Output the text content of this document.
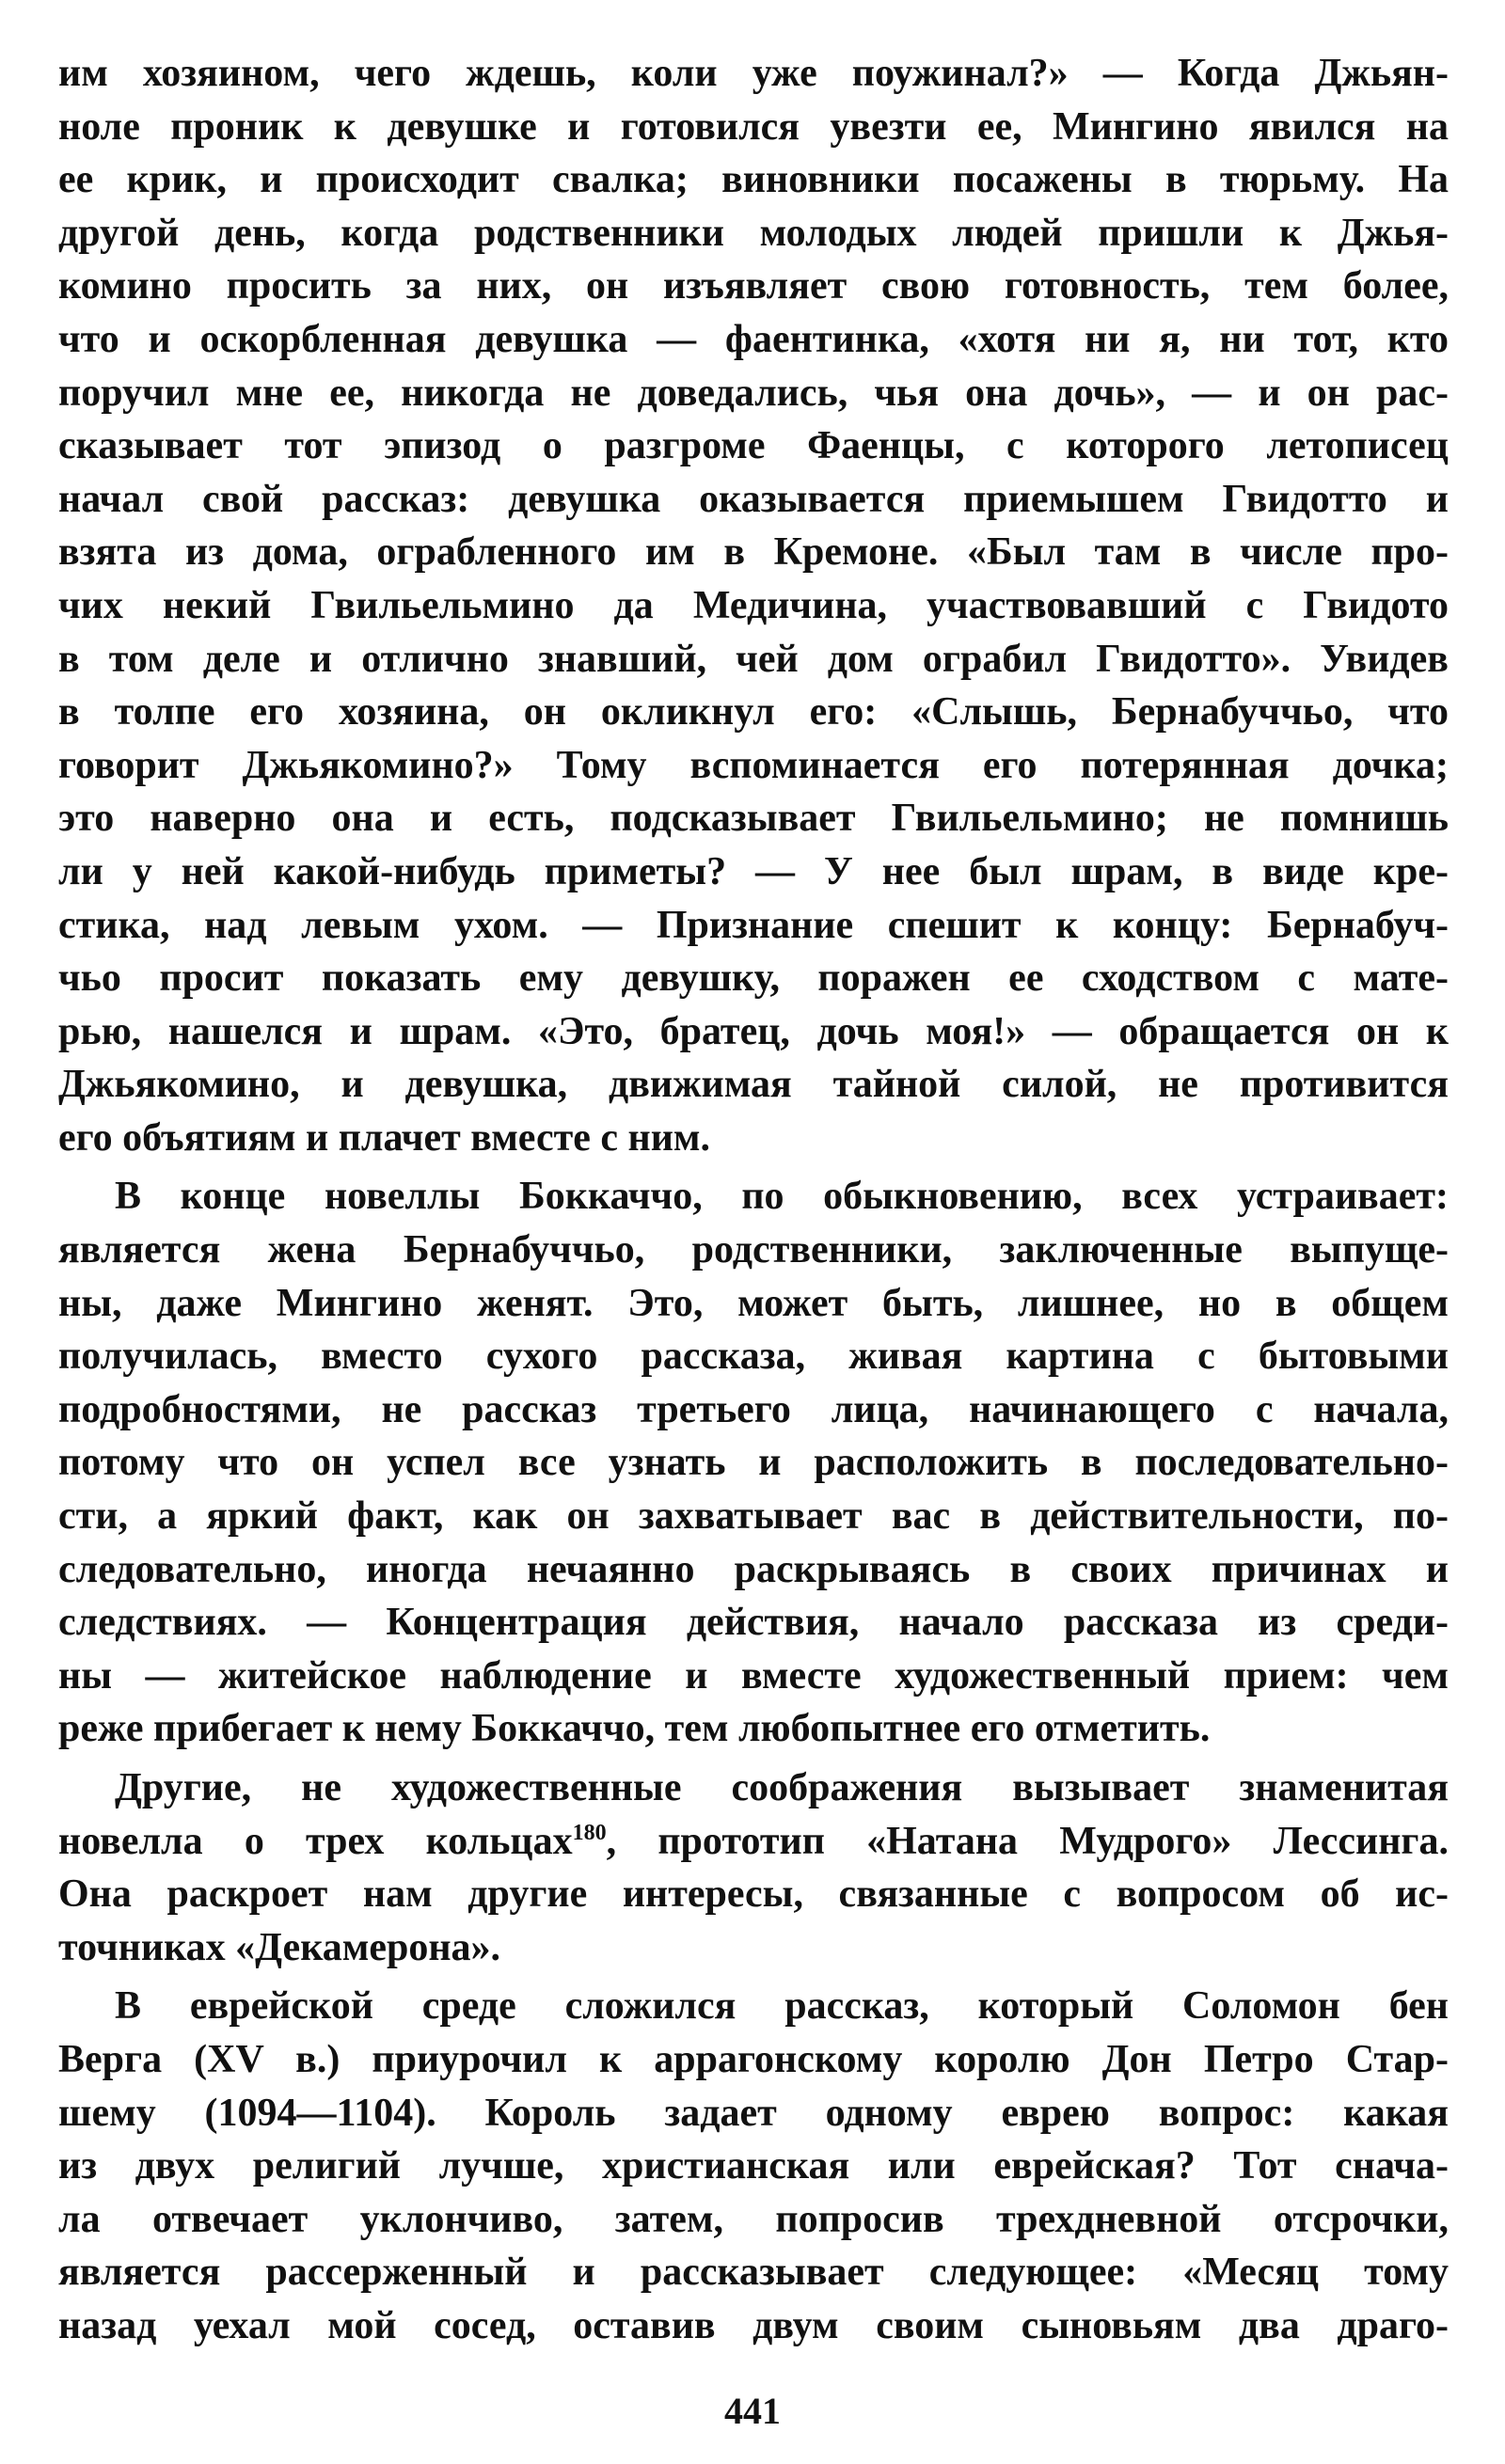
им хозяином, чего ждешь, коли уже поужинал?» — Когда Джьян-
ноле проник к девушке и готовился увезти ее, Мингино явился на
ее крик, и происходит свалка; виновники посажены в тюрьму. На
другой день, когда родственники молодых людей пришли к Джья-
комино просить за них, он изъявляет свою готовность, тем более,
что и оскорбленная девушка — фаентинка, «хотя ни я, ни тот, кто
поручил мне ее, никогда не доведались, чья она дочь», — и он рас-
сказывает тот эпизод о разгроме Фаенцы, с которого летописец
начал свой рассказ: девушка оказывается приемышем Гвидотто и
взята из дома, ограбленного им в Кремоне. «Был там в числе про-
чих некий Гвильельмино да Медичина, участвовавший с Гвидото
в том деле и отлично знавший, чей дом ограбил Гвидотто». Увидев
в толпе его хозяина, он окликнул его: «Слышь, Бернабуччьо, что
говорит Джьякомино?» Тому вспоминается его потерянная дочка;
это наверно она и есть, подсказывает Гвильельмино; не помнишь
ли у ней какой-нибудь приметы? — У нее был шрам, в виде кре-
стика, над левым ухом. — Признание спешит к концу: Бернабуч-
чьо просит показать ему девушку, поражен ее сходством с мате-
рью, нашелся и шрам. «Это, братец, дочь моя!» — обращается он к
Джьякомино, и девушка, движимая тайной силой, не противится
его объятиям и плачет вместе с ним.

В конце новеллы Боккаччо, по обыкновению, всех устраивает:
является жена Бернабуччьо, родственники, заключенные выпуще-
ны, даже Мингино женят. Это, может быть, лишнее, но в общем
получилась, вместо сухого рассказа, живая картина с бытовыми
подробностями, не рассказ третьего лица, начинающего с начала,
потому что он успел все узнать и расположить в последовательно-
сти, а яркий факт, как он захватывает вас в действительности, по-
следовательно, иногда нечаянно раскрываясь в своих причинах и
следствиях. — Концентрация действия, начало рассказа из среди-
ны — житейское наблюдение и вместе художественный прием: чем
реже прибегает к нему Боккаччо, тем любопытнее его отметить.

Другие, не художественные соображения вызывает знаменитая
новелла о трех кольцах$^{180}$, прототип «Натана Мудрого» Лессинга.
Она раскроет нам другие интересы, связанные с вопросом об ис-
точниках «Декамерона».

В еврейской среде сложился рассказ, который Соломон бен
Верга (XV в.) приурочил к аррагонскому королю Дон Петро Стар-
шему (1094—1104). Король задает одному еврею вопрос: какая
из двух религий лучше, христианская или еврейская? Тот снача-
ла отвечает уклончиво, затем, попросив трехдневной отсрочки,
является рассерженный и рассказывает следующее: «Месяц тому
назад уехал мой сосед, оставив двум своим сыновьям два драго-

441
